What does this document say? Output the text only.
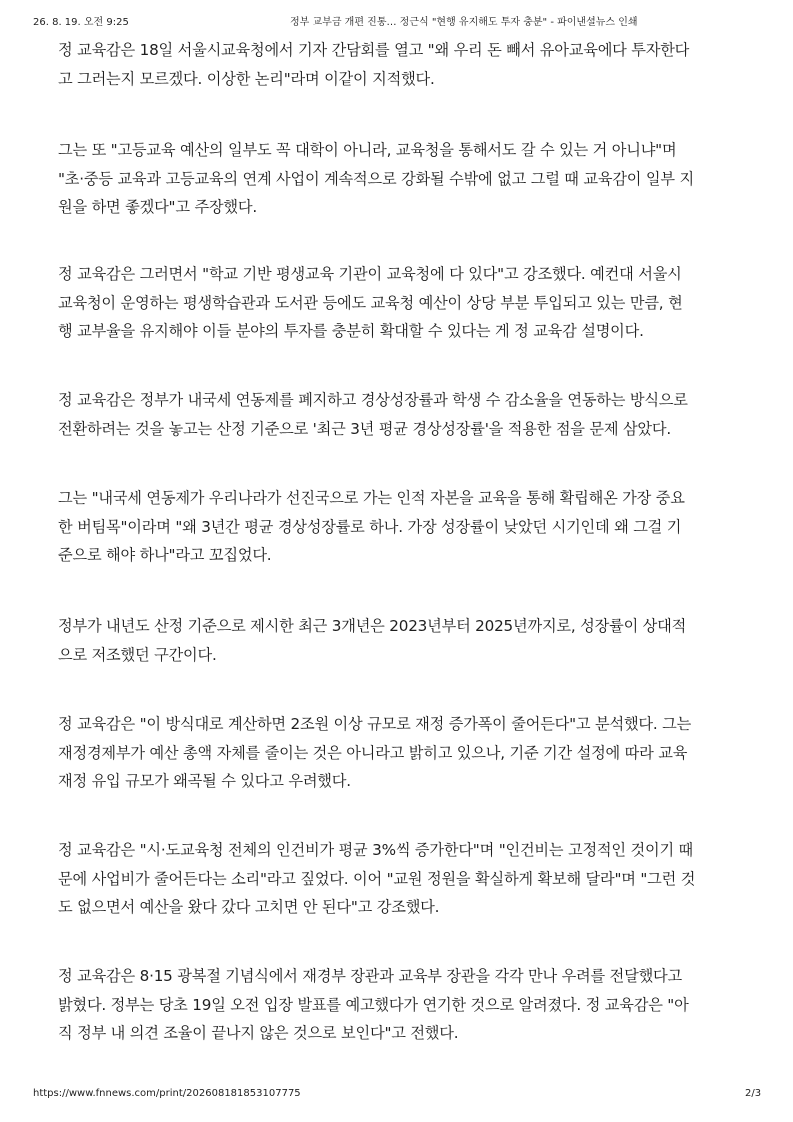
26. 8. 19. 오전 9:25	정부 교부금 개편 진통… 정근식 "현행 유지해도 투자 충분" - 파이낸셜뉴스 인쇄

정 교육감은 18일 서울시교육청에서 기자 간담회를 열고 "왜 우리 돈 빼서 유아교육에다 투자한다
고 그러는지 모르겠다. 이상한 논리"라며 이같이 지적했다.

그는 또 "고등교육 예산의 일부도 꼭 대학이 아니라, 교육청을 통해서도 갈 수 있는 거 아니냐"며
"초·중등 교육과 고등교육의 연계 사업이 계속적으로 강화될 수밖에 없고 그럴 때 교육감이 일부 지
원을 하면 좋겠다"고 주장했다.

정 교육감은 그러면서 "학교 기반 평생교육 기관이 교육청에 다 있다"고 강조했다. 예컨대 서울시
교육청이 운영하는 평생학습관과 도서관 등에도 교육청 예산이 상당 부분 투입되고 있는 만큼, 현
행 교부율을 유지해야 이들 분야의 투자를 충분히 확대할 수 있다는 게 정 교육감 설명이다.

정 교육감은 정부가 내국세 연동제를 폐지하고 경상성장률과 학생 수 감소율을 연동하는 방식으로
전환하려는 것을 놓고는 산정 기준으로 '최근 3년 평균 경상성장률'을 적용한 점을 문제 삼았다.

그는 "내국세 연동제가 우리나라가 선진국으로 가는 인적 자본을 교육을 통해 확립해온 가장 중요
한 버팀목"이라며 "왜 3년간 평균 경상성장률로 하나. 가장 성장률이 낮았던 시기인데 왜 그걸 기
준으로 해야 하나"라고 꼬집었다.

정부가 내년도 산정 기준으로 제시한 최근 3개년은 2023년부터 2025년까지로, 성장률이 상대적
으로 저조했던 구간이다.

정 교육감은 "이 방식대로 계산하면 2조원 이상 규모로 재정 증가폭이 줄어든다"고 분석했다. 그는
재정경제부가 예산 총액 자체를 줄이는 것은 아니라고 밝히고 있으나, 기준 기간 설정에 따라 교육
재정 유입 규모가 왜곡될 수 있다고 우려했다.

정 교육감은 "시·도교육청 전체의 인건비가 평균 3%씩 증가한다"며 "인건비는 고정적인 것이기 때
문에 사업비가 줄어든다는 소리"라고 짚었다. 이어 "교원 정원을 확실하게 확보해 달라"며 "그런 것
도 없으면서 예산을 왔다 갔다 고치면 안 된다"고 강조했다.

정 교육감은 8·15 광복절 기념식에서 재경부 장관과 교육부 장관을 각각 만나 우려를 전달했다고
밝혔다. 정부는 당초 19일 오전 입장 발표를 예고했다가 연기한 것으로 알려졌다. 정 교육감은 "아
직 정부 내 의견 조율이 끝나지 않은 것으로 보인다"고 전했다.

https://www.fnnews.com/print/2026081818531077​75	2/3
